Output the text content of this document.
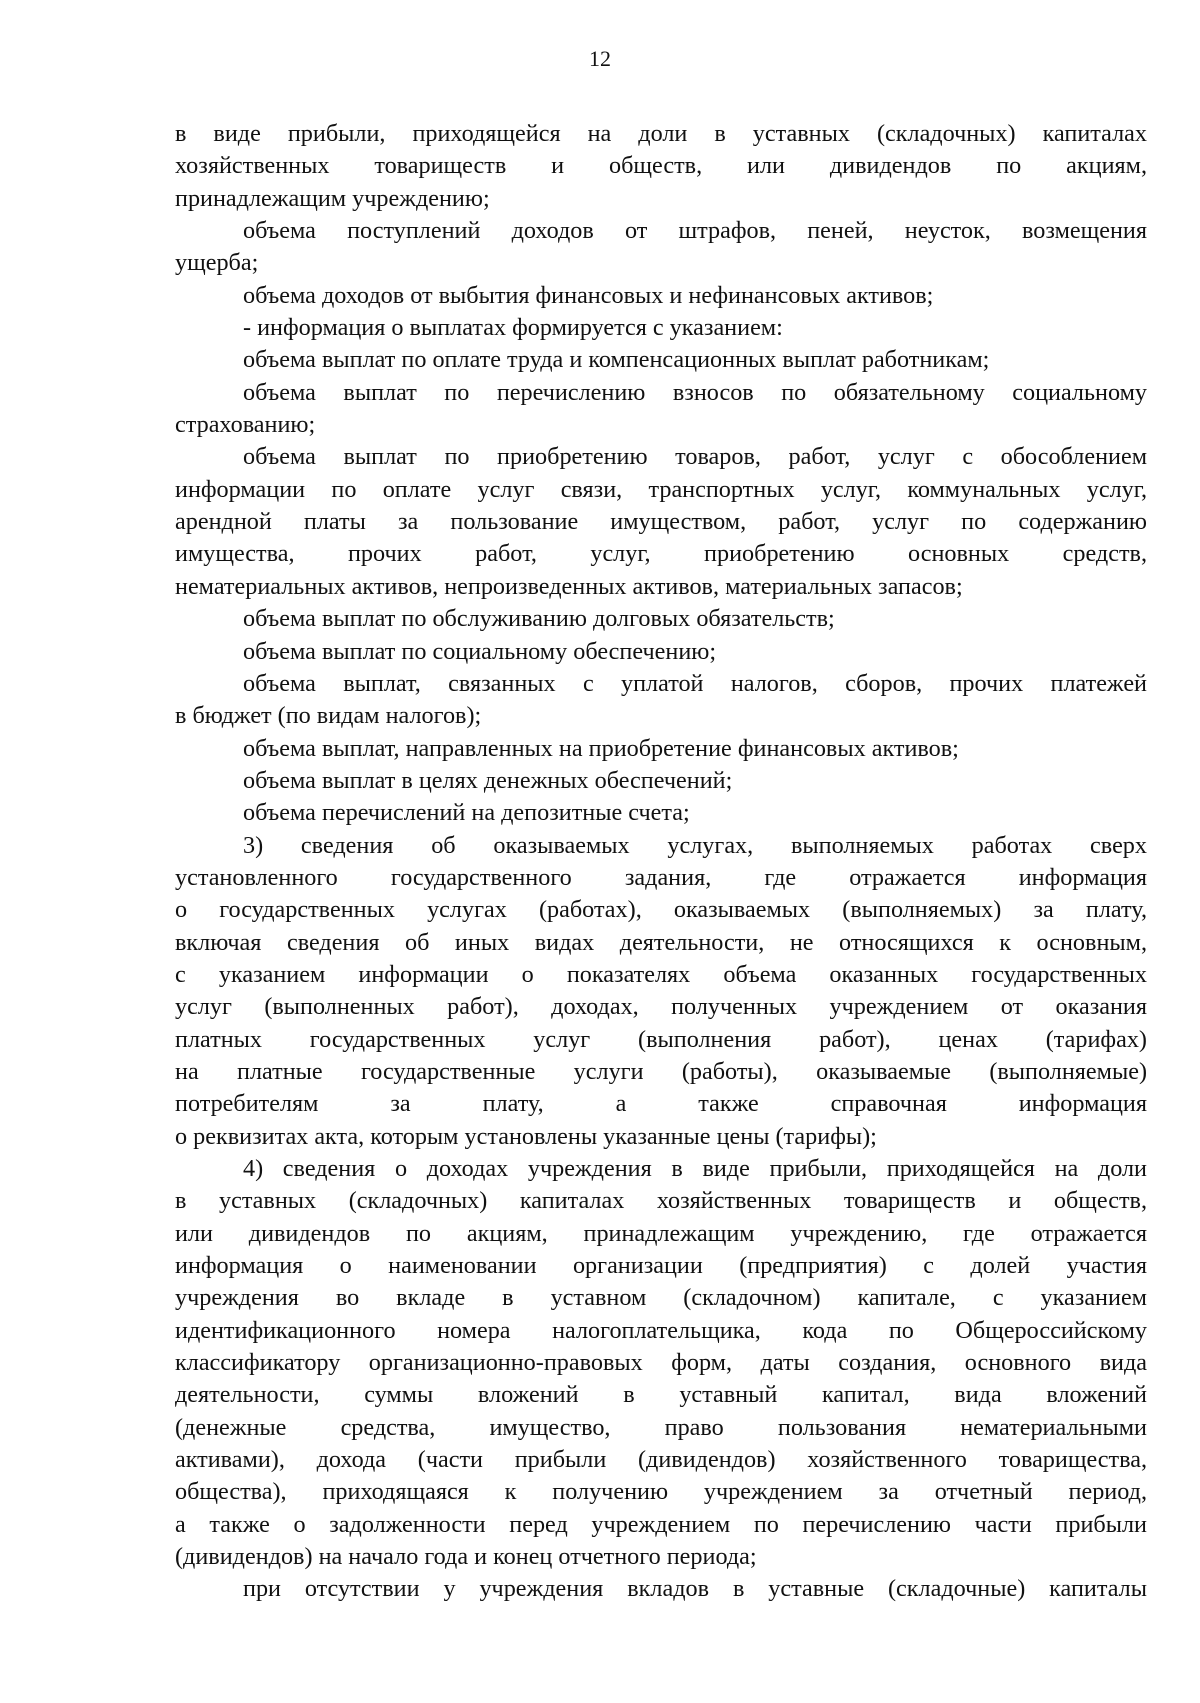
12
в виде прибыли, приходящейся на доли в уставных (складочных) капиталах
хозяйственных товариществ и обществ, или дивидендов по акциям,
принадлежащим учреждению;
объема поступлений доходов от штрафов, пеней, неусток, возмещения
ущерба;
объема доходов от выбытия финансовых и нефинансовых активов;
- информация о выплатах формируется с указанием:
объема выплат по оплате труда и компенсационных выплат работникам;
объема выплат по перечислению взносов по обязательному социальному
страхованию;
объема выплат по приобретению товаров, работ, услуг с обособлением
информации по оплате услуг связи, транспортных услуг, коммунальных услуг,
арендной платы за пользование имуществом, работ, услуг по содержанию
имущества, прочих работ, услуг, приобретению основных средств,
нематериальных активов, непроизведенных активов, материальных запасов;
объема выплат по обслуживанию долговых обязательств;
объема выплат по социальному обеспечению;
объема выплат, связанных с уплатой налогов, сборов, прочих платежей
в бюджет (по видам налогов);
объема выплат, направленных на приобретение финансовых активов;
объема выплат в целях денежных обеспечений;
объема перечислений на депозитные счета;
3) сведения об оказываемых услугах, выполняемых работах сверх
установленного государственного задания, где отражается информация
о государственных услугах (работах), оказываемых (выполняемых) за плату,
включая сведения об иных видах деятельности, не относящихся к основным,
с указанием информации о показателях объема оказанных государственных
услуг (выполненных работ), доходах, полученных учреждением от оказания
платных государственных услуг (выполнения работ), ценах (тарифах)
на платные государственные услуги (работы), оказываемые (выполняемые)
потребителям за плату, а также справочная информация
о реквизитах акта, которым установлены указанные цены (тарифы);
4) сведения о доходах учреждения в виде прибыли, приходящейся на доли
в уставных (складочных) капиталах хозяйственных товариществ и обществ,
или дивидендов по акциям, принадлежащим учреждению, где отражается
информация о наименовании организации (предприятия) с долей участия
учреждения во вкладе в уставном (складочном) капитале, с указанием
идентификационного номера налогоплательщика, кода по Общероссийскому
классификатору организационно-правовых форм, даты создания, основного вида
деятельности, суммы вложений в уставный капитал, вида вложений
(денежные средства, имущество, право пользования нематериальными
активами), дохода (части прибыли (дивидендов) хозяйственного товарищества,
общества), приходящаяся к получению учреждением за отчетный период,
а также о задолженности перед учреждением по перечислению части прибыли
(дивидендов) на начало года и конец отчетного периода;
при отсутствии у учреждения вкладов в уставные (складочные) капиталы
